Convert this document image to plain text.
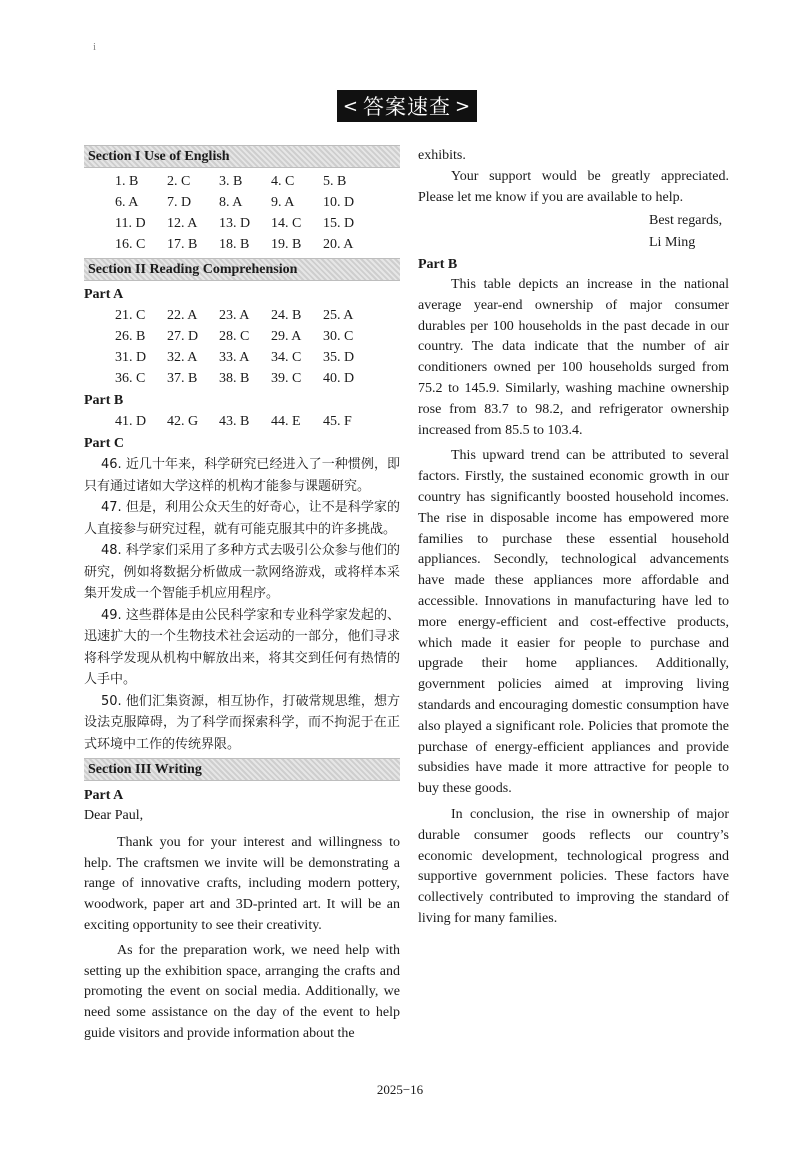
i
< 答案速查 >
Section I Use of English
1. B	2. C	3. B	4. C	5. B
6. A	7. D	8. A	9. A	10. D
11. D	12. A	13. D	14. C	15. D
16. C	17. B	18. B	19. B	20. A
Section II Reading Comprehension
Part A
21. C	22. A	23. A	24. B	25. A
26. B	27. D	28. C	29. A	30. C
31. D	32. A	33. A	34. C	35. D
36. C	37. B	38. B	39. C	40. D
Part B
41. D	42. G	43. B	44. E	45. F
Part C

46. 近几十年来，科学研究已经进入了一种惯例，即只有通过诸如大学这样的机构才能参与课题研究。

47. 但是，利用公众天生的好奇心，让不是科学家的人直接参与研究过程，就有可能克服其中的许多挑战。

48. 科学家们采用了多种方式去吸引公众参与他们的研究，例如将数据分析做成一款网络游戏，或将样本采集开发成一个智能手机应用程序。

49. 这些群体是由公民科学家和专业科学家发起的、迅速扩大的一个生物技术社会运动的一部分，他们寻求将科学发现从机构中解放出来，将其交到任何有热情的人手中。

50. 他们汇集资源，相互协作，打破常规思维，想方设法克服障碍，为了科学而探索科学，而不拘泥于在正式环境中工作的传统界限。

Section III Writing
Part A

Dear Paul,

Thank you for your interest and willingness to help. The craftsmen we invite will be demonstrating a range of innovative crafts, including modern pottery, woodwork, paper art and 3D-printed art. It will be an exciting opportunity to see their creativity.

As for the preparation work, we need help with setting up the exhibition space, arranging the crafts and promoting the event on social media. Additionally, we need some assistance on the day of the event to help guide visitors and provide information about the

exhibits.

Your support would be greatly appreciated. Please let me know if you are available to help.

Best regards,
Li Ming
Part B

This table depicts an increase in the national average year-end ownership of major consumer durables per 100 households in the past decade in our country. The data indicate that the number of air conditioners owned per 100 households surged from 75.2 to 145.9. Similarly, washing machine ownership rose from 83.7 to 98.2, and refrigerator ownership increased from 85.5 to 103.4.

This upward trend can be attributed to several factors. Firstly, the sustained economic growth in our country has significantly boosted household incomes. The rise in disposable income has empowered more families to purchase these essential household appliances. Secondly, technological advancements have made these appliances more affordable and accessible. Innovations in manufacturing have led to more energy-efficient and cost-effective products, which made it easier for people to purchase and upgrade their home appliances. Additionally, government policies aimed at improving living standards and encouraging domestic consumption have also played a significant role. Policies that promote the purchase of energy-efficient appliances and provide subsidies have made it more attractive for people to buy these goods.

In conclusion, the rise in ownership of major durable consumer goods reflects our country’s economic development, technological progress and supportive government policies. These factors have collectively contributed to improving the standard of living for many families.

2025−16
